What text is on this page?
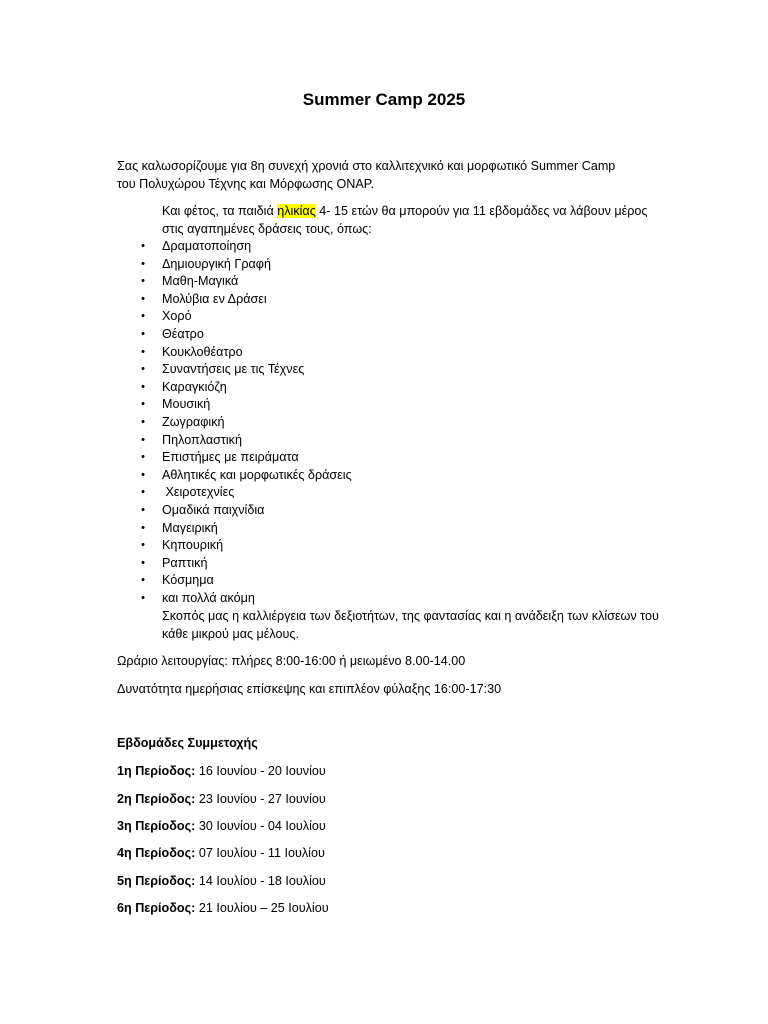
Summer Camp 2025
Σας καλωσορίζουμε για 8η συνεχή χρονιά στο καλλιτεχνικό και μορφωτικό Summer Camp του Πολυχώρου Τέχνης και Μόρφωσης ΟΝΑΡ.
Και φέτος, τα παιδιά ηλικίας 4- 15 ετών θα μπορούν για 11 εβδομάδες να λάβουν μέρος στις αγαπημένες δράσεις τους, όπως:
• Δραματοποίηση
• Δημιουργική Γραφή
• Μαθη-Μαγικά
• Μολύβια εν Δράσει
• Χορό
• Θέατρο
• Κουκλοθέατρο
• Συναντήσεις με τις Τέχνες
• Καραγκιόζη
• Μουσική
• Ζωγραφική
• Πηλοπλαστική
• Επιστήμες με πειράματα
• Αθλητικές και μορφωτικές δράσεις
• Χειροτεχνίες
• Ομαδικά παιχνίδια
• Μαγειρική
• Κηπουρική
• Ραπτική
• Κόσμημα
• και πολλά ακόμη
Σκοπός μας η καλλιέργεια των δεξιοτήτων, της φαντασίας και η ανάδειξη των κλίσεων του κάθε μικρού μας μέλους.
Ωράριο λειτουργίας: πλήρες 8:00-16:00 ή μειωμένο 8.00-14.00
Δυνατότητα ημερήσιας επίσκεψης και επιπλέον φύλαξης 16:00-17:30
Εβδομάδες Συμμετοχής
1η Περίοδος: 16 Ιουνίου - 20 Ιουνίου
2η Περίοδος: 23 Ιουνίου - 27 Ιουνίου
3η Περίοδος: 30 Ιουνίου - 04 Ιουλίου
4η Περίοδος: 07 Ιουλίου - 11 Ιουλίου
5η Περίοδος: 14 Ιουλίου - 18 Ιουλίου
6η Περίοδος: 21 Ιουλίου – 25 Ιουλίου
